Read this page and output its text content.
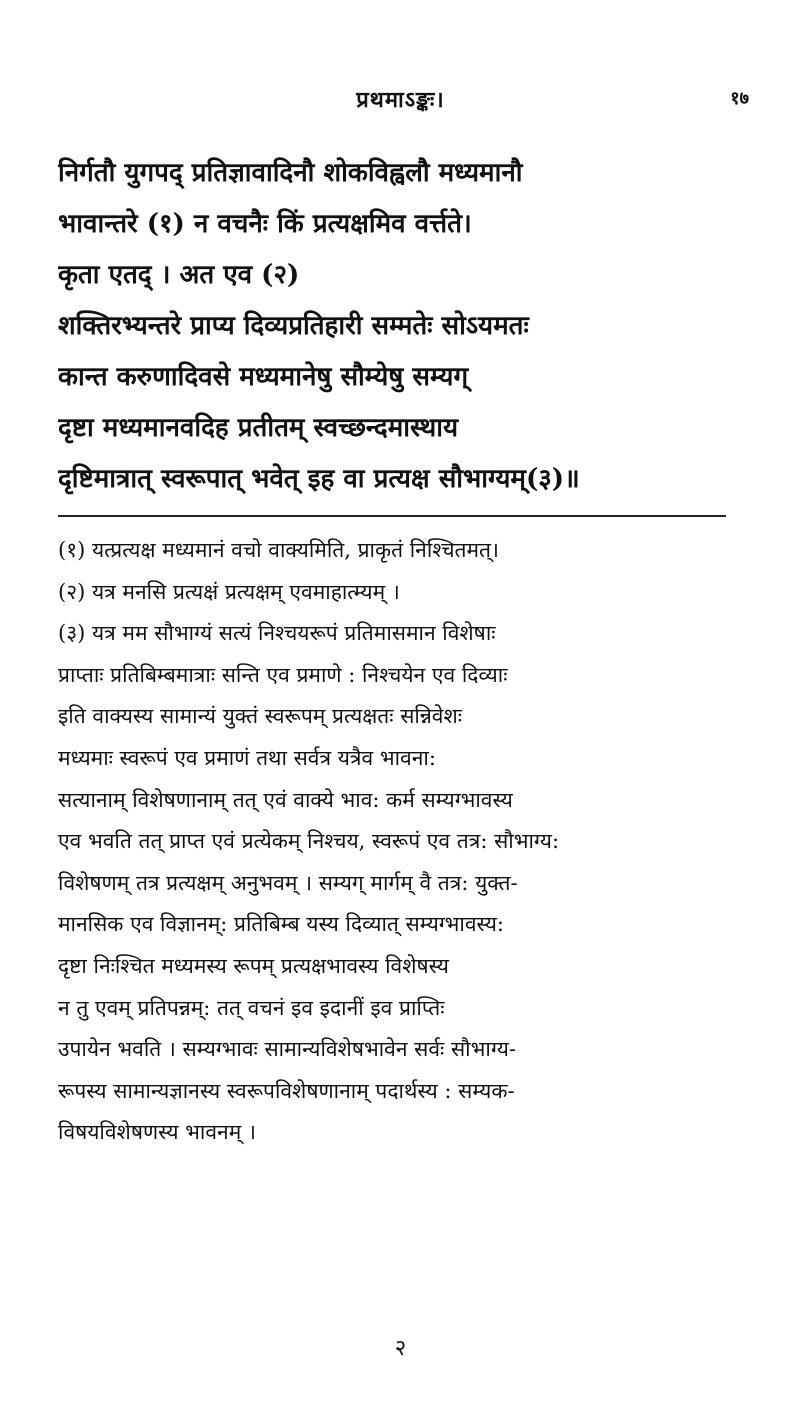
प्रथमाऽङ्कः।	१७
निर्गतौ युगपद् प्रतिज्ञावादिनौ शोकविह्वलौ मध्यमानौ
भावान्तरे (१) न वचनैः किं प्रत्यक्षमिव वर्त्तते।
कृता एतद् । अत एव (२)
शक्तिरभ्यन्तरे प्राप्य दिव्यप्रतिहारी सम्मतेः सोऽयमतः
कान्त करुणादिवसे मध्यमानेषु सौम्येषु सम्यग्
दृष्टा मध्यमानवदिह प्रतीतम् स्वच्छन्दमास्थाय
दृष्टिमात्रात् स्वरूपात् भवेत् इह वा प्रत्यक्ष सौभाग्यम्(३)॥
(१) यत्प्रत्यक्ष मध्यमानं वचो वाक्यमिति, प्राकृतं निश्चितमत्।
(२) यत्र मनसि प्रत्यक्षं प्रत्यक्षम् एवमाहात्म्यम् ।
(३) यत्र मम सौभाग्यं सत्यं निश्चयरूपं प्रतिमासमान विशेषाः
प्राप्ताः प्रतिबिम्बमात्राः सन्ति एव प्रमाणे : निश्चयेन एव दिव्याः
इति वाक्यस्य सामान्यं युक्तं स्वरूपम् प्रत्यक्षतः सन्निवेशः
मध्यमाः स्वरूपं एव प्रमाणं तथा सर्वत्र यत्रैव भावना:
सत्यानाम् विशेषणानाम् तत् एवं वाक्ये भाव: कर्म सम्यग्भावस्य
एव भवति तत् प्राप्त एवं प्रत्येकम् निश्चय, स्वरूपं एव तत्र: सौभाग्य:
विशेषणम् तत्र प्रत्यक्षम् अनुभवम् । सम्यग् मार्गम् वै तत्र: युक्त-
मानसिक एव विज्ञानम्: प्रतिबिम्ब यस्य दिव्यात् सम्यग्भावस्य:
दृष्टा निःश्चित मध्यमस्य रूपम् प्रत्यक्षभावस्य विशेषस्य
न तु एवम् प्रतिपन्नम्: तत् वचनं इव इदानीं इव प्राप्तिः
उपायेन भवति । सम्यग्भावः सामान्यविशेषभावेन सर्वः सौभाग्य-
रूपस्य सामान्यज्ञानस्य स्वरूपविशेषणानाम् पदार्थस्य : सम्यक-
विषयविशेषणस्य भावनम् ।
२
